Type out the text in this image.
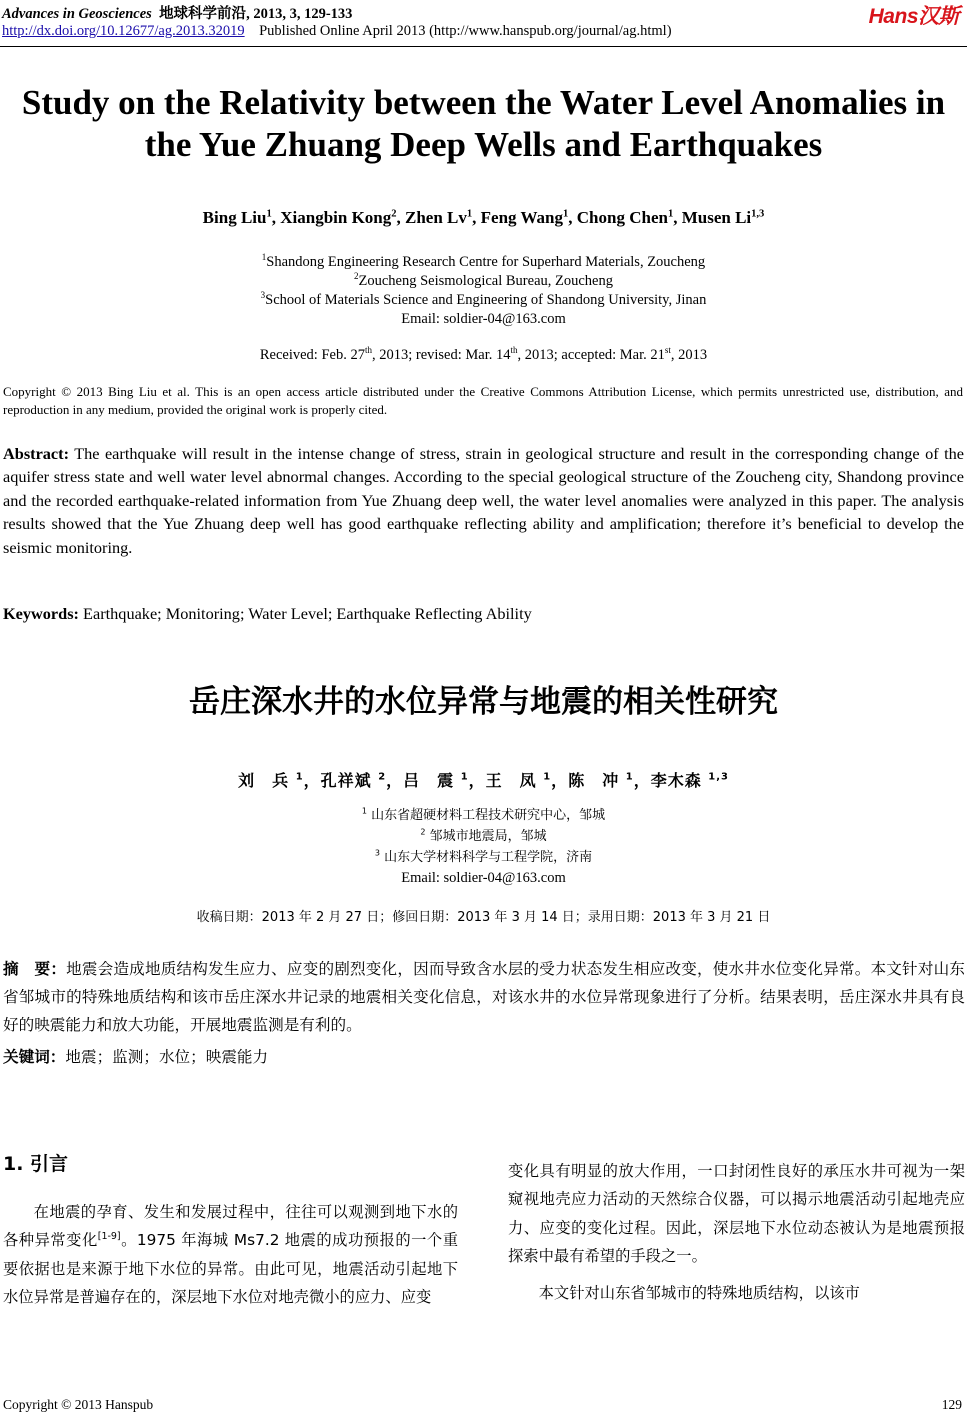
Advances in Geosciences 地球科学前沿, 2013, 3, 129-133	Hans汉斯
http://dx.doi.org/10.12677/ag.2013.32019 Published Online April 2013 (http://www.hanspub.org/journal/ag.html)
Study on the Relativity between the Water Level Anomalies in the Yue Zhuang Deep Wells and Earthquakes
Bing Liu$^1$, Xiangbin Kong$^2$, Zhen Lv$^1$, Feng Wang$^1$, Chong Chen$^1$, Musen Li$^{1,3}$
$^1$Shandong Engineering Research Centre for Superhard Materials, Zoucheng
$^2$Zoucheng Seismological Bureau, Zoucheng
$^3$School of Materials Science and Engineering of Shandong University, Jinan
Email: soldier-04@163.com
Received: Feb. 27th, 2013; revised: Mar. 14th, 2013; accepted: Mar. 21st, 2013
Copyright © 2013 Bing Liu et al. This is an open access article distributed under the Creative Commons Attribution License, which permits unrestricted use, distribution, and reproduction in any medium, provided the original work is properly cited.
Abstract: The earthquake will result in the intense change of stress, strain in geological structure and result in the corresponding change of the aquifer stress state and well water level abnormal changes. According to the special geological structure of the Zoucheng city, Shandong province and the recorded earthquake-related information from Yue Zhuang deep well, the water level anomalies were analyzed in this paper. The analysis results showed that the Yue Zhuang deep well has good earthquake reflecting ability and amplification; therefore it’s beneficial to develop the seismic monitoring.
Keywords: Earthquake; Monitoring; Water Level; Earthquake Reflecting Ability
岳庄深水井的水位异常与地震的相关性研究
刘　兵 $^1$，孔祥斌 $^2$，吕　震 $^1$，王　凤 $^1$，陈　冲 $^1$，李木森 $^{1,3}$
$^1$ 山东省超硬材料工程技术研究中心，邹城
$^2$ 邹城市地震局，邹城
$^3$ 山东大学材料科学与工程学院，济南
Email: soldier-04@163.com
收稿日期：2013 年 2 月 27 日；修回日期：2013 年 3 月 14 日；录用日期：2013 年 3 月 21 日
摘　要：地震会造成地质结构发生应力、应变的剧烈变化，因而导致含水层的受力状态发生相应改变，使水井水位变化异常。本文针对山东省邹城市的特殊地质结构和该市岳庄深水井记录的地震相关变化信息，对该水井的水位异常现象进行了分析。结果表明，岳庄深水井具有良好的映震能力和放大功能，开展地震监测是有利的。
关键词：地震；监测；水位；映震能力
1. 引言

在地震的孕育、发生和发展过程中，往往可以观测到地下水的各种异常变化[1-9]。1975 年海城 Ms7.2 地震的成功预报的一个重要依据也是来源于地下水位的异常。由此可见，地震活动引起地下水位异常是普遍存在的，深层地下水位对地壳微小的应力、应变

变化具有明显的放大作用，一口封闭性良好的承压水井可视为一架窥视地壳应力活动的天然综合仪器，可以揭示地震活动引起地壳应力、应变的变化过程。因此，深层地下水位动态被认为是地震预报探索中最有希望的手段之一。

本文针对山东省邹城市的特殊地质结构，以该市

Copyright © 2013 Hanspub	129
